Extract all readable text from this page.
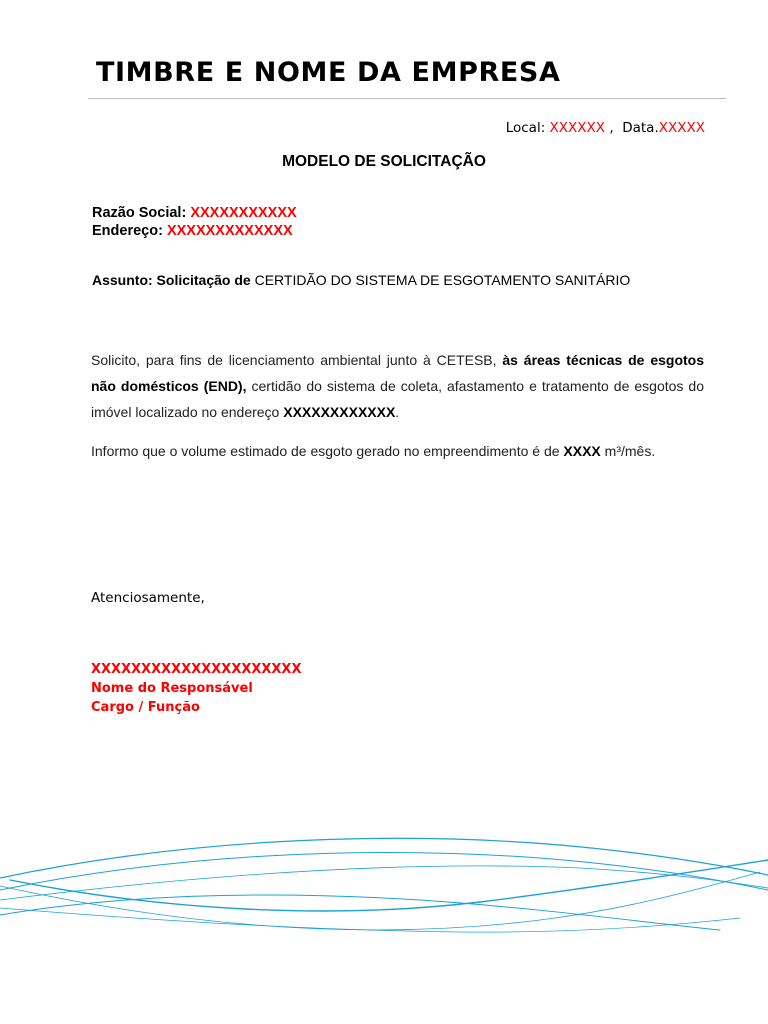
TIMBRE E NOME DA EMPRESA
Local: XXXXXX ,  Data.XXXXX
MODELO DE SOLICITAÇÃO
Razão Social: XXXXXXXXXXX
Endereço: XXXXXXXXXXXXX
Assunto: Solicitação de CERTIDÃO DO SISTEMA DE ESGOTAMENTO SANITÁRIO
Solicito, para fins de licenciamento ambiental junto à CETESB, às áreas técnicas de esgotos não domésticos (END), certidão do sistema de coleta, afastamento e tratamento de esgotos do imóvel localizado no endereço XXXXXXXXXXXX.
Informo que o volume estimado de esgoto gerado no empreendimento é de XXXX m³/mês.
Atenciosamente,
XXXXXXXXXXXXXXXXXXXXX
Nome do Responsável
Cargo / Função
